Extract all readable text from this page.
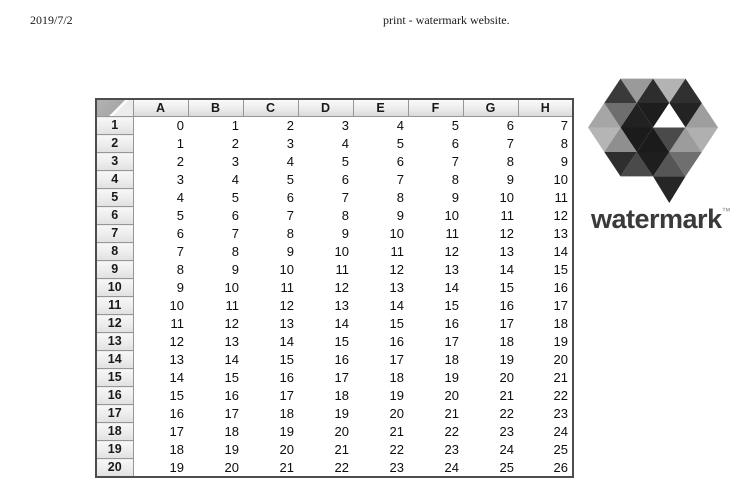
2019/7/2	print - watermark website.
	A	B	C	D	E	F	G	H
1	0	1	2	3	4	5	6	7
2	1	2	3	4	5	6	7	8
3	2	3	4	5	6	7	8	9
4	3	4	5	6	7	8	9	10
5	4	5	6	7	8	9	10	11
6	5	6	7	8	9	10	11	12
7	6	7	8	9	10	11	12	13
8	7	8	9	10	11	12	13	14
9	8	9	10	11	12	13	14	15
10	9	10	11	12	13	14	15	16
11	10	11	12	13	14	15	16	17
12	11	12	13	14	15	16	17	18
13	12	13	14	15	16	17	18	19
14	13	14	15	16	17	18	19	20
15	14	15	16	17	18	19	20	21
16	15	16	17	18	19	20	21	22
17	16	17	18	19	20	21	22	23
18	17	18	19	20	21	22	23	24
19	18	19	20	21	22	23	24	25
20	19	20	21	22	23	24	25	26
watermark™
